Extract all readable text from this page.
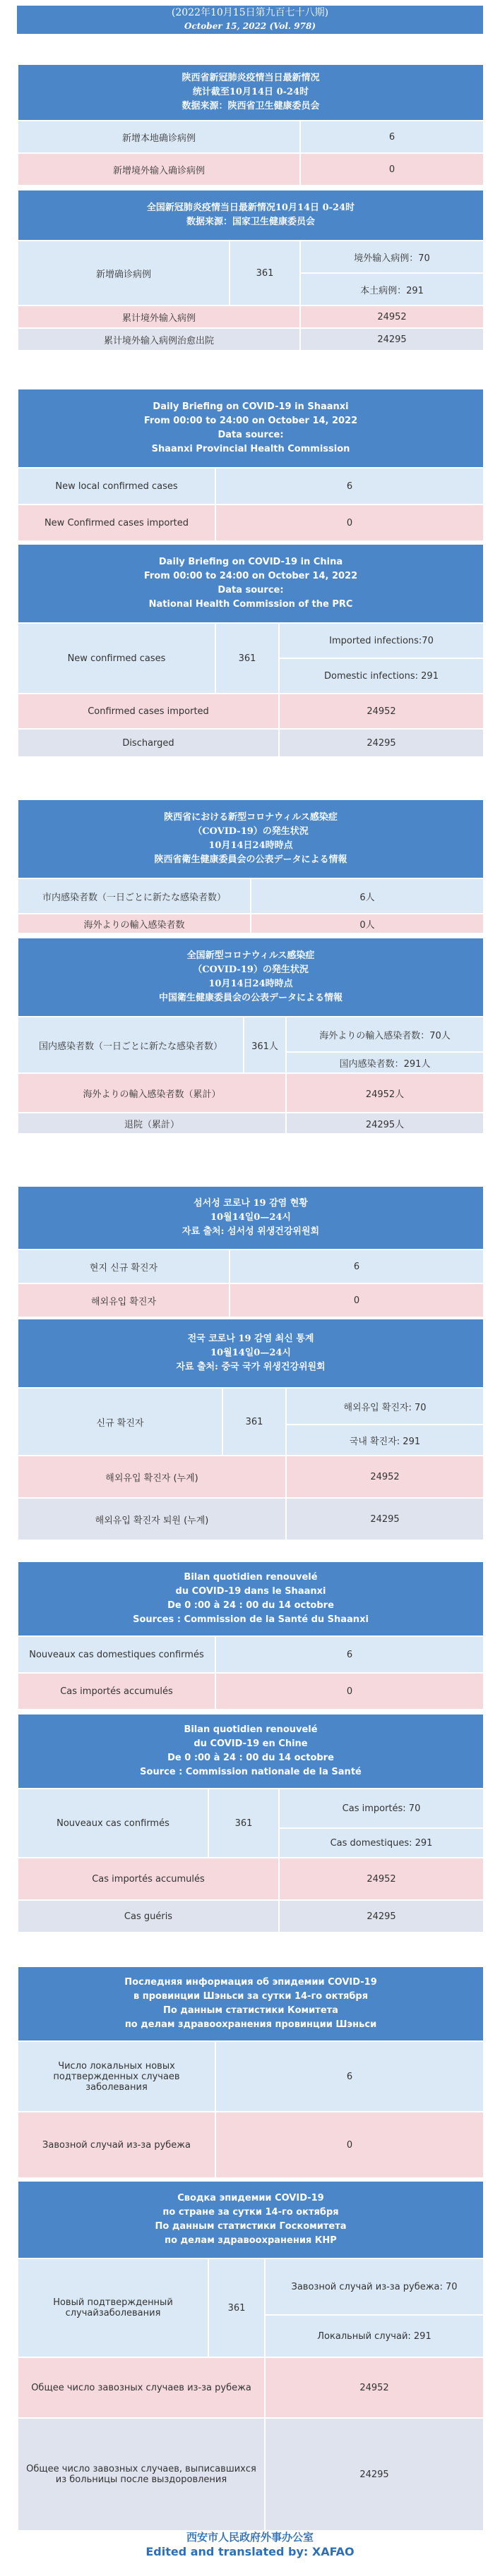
(2022年10月15日第九百七十八期)
October 15, 2022 (Vol. 978)
陕西省新冠肺炎疫情当日最新情况
统计截至10月14日 0-24时
数据来源：陕西省卫生健康委员会	

新增本地确诊病例	6
新增境外输入确诊病例	0
全国新冠肺炎疫情当日最新情况10月14日 0-24时
数据来源：国家卫生健康委员会		

新增确诊病例	361	境外输入病例：70
		本土病例：291
累计境外输入病例		24952
累计境外输入病例治愈出院		24295
Daily Briefing on COVID-19 in Shaanxi
From 00:00 to 24:00 on October 14, 2022
Data source:
Shaanxi Provincial Health Commission	

New local confirmed cases	6
New Confirmed cases imported	0
Daily Briefing on COVID-19 in China
From 00:00 to 24:00 on October 14, 2022
Data source:
National Health Commission of the PRC		

New confirmed cases	361	Imported infections:70
		Domestic infections: 291
Confirmed cases imported		24952
Discharged		24295
陝西省における新型コロナウィルス感染症
（COVID-19）の発生状況
10月14日24時時点
陝西省衛生健康委員会の公表データによる情報	

市内感染者数（一日ごとに新たな感染者数）	6人
海外よりの輸入感染者数	0人
全国新型コロナウィルス感染症
（COVID-19）の発生状況
10月14日24時時点
中国衛生健康委員会の公表データによる情報		

国内感染者数（一日ごとに新たな感染者数）	361人	海外よりの輸入感染者数：70人
		国内感染者数：291人
海外よりの輸入感染者数（累計）		24952人
退院（累計）		24295人
섬서성 코로나 19 감염 현황
10월14일0—24시
자료 출처: 섬서성 위생건강위원회	

현지 신규 확진자	6
해외유입 확진자	0
전국 코로나 19 감염 최신 통계
10월14일0—24시
자료 출처: 중국 국가 위생건강위원회		

신규 확진자	361	해외유입 확진자: 70
		국내 확진자: 291
해외유입 확진자 (누계)		24952
해외유입 확진자 퇴원 (누계)		24295
Bilan quotidien renouvelé
du COVID-19 dans le Shaanxi
De 0 :00 à 24 : 00 du 14 octobre
Sources : Commission de la Santé du Shaanxi	

Nouveaux cas domestiques confirmés	6
Cas importés accumulés	0
Bilan quotidien renouvelé
du COVID-19 en Chine
De 0 :00 à 24 : 00 du 14 octobre
Source : Commission nationale de la Santé		

Nouveaux cas confirmés	361	Cas importés: 70
		Cas domestiques: 291
Cas importés accumulés		24952
Cas guéris		24295
Последняя информация об эпидемии COVID-19
в провинции Шэньси за сутки 14-го октября
По данным статистики Комитета
по делам здравоохранения провинции Шэньси	

Число локальных новых подтвержденных случаев заболевания	6
Завозной случай из-за рубежа	0
Сводка эпидемии COVID-19
по стране за сутки 14-го октября
По данным статистики Госкомитета
по делам здравоохранения КНР		

Новый подтвержденный случайзаболевания	361	Завозной случай из-за рубежа: 70
		Локальный случай: 291
Общее число завозных случаев из-за рубежа		24952
Общее число завозных случаев, выписавшихся из больницы после выздоровления		24295
西安市人民政府外事办公室
Edited and translated by: XAFAO
